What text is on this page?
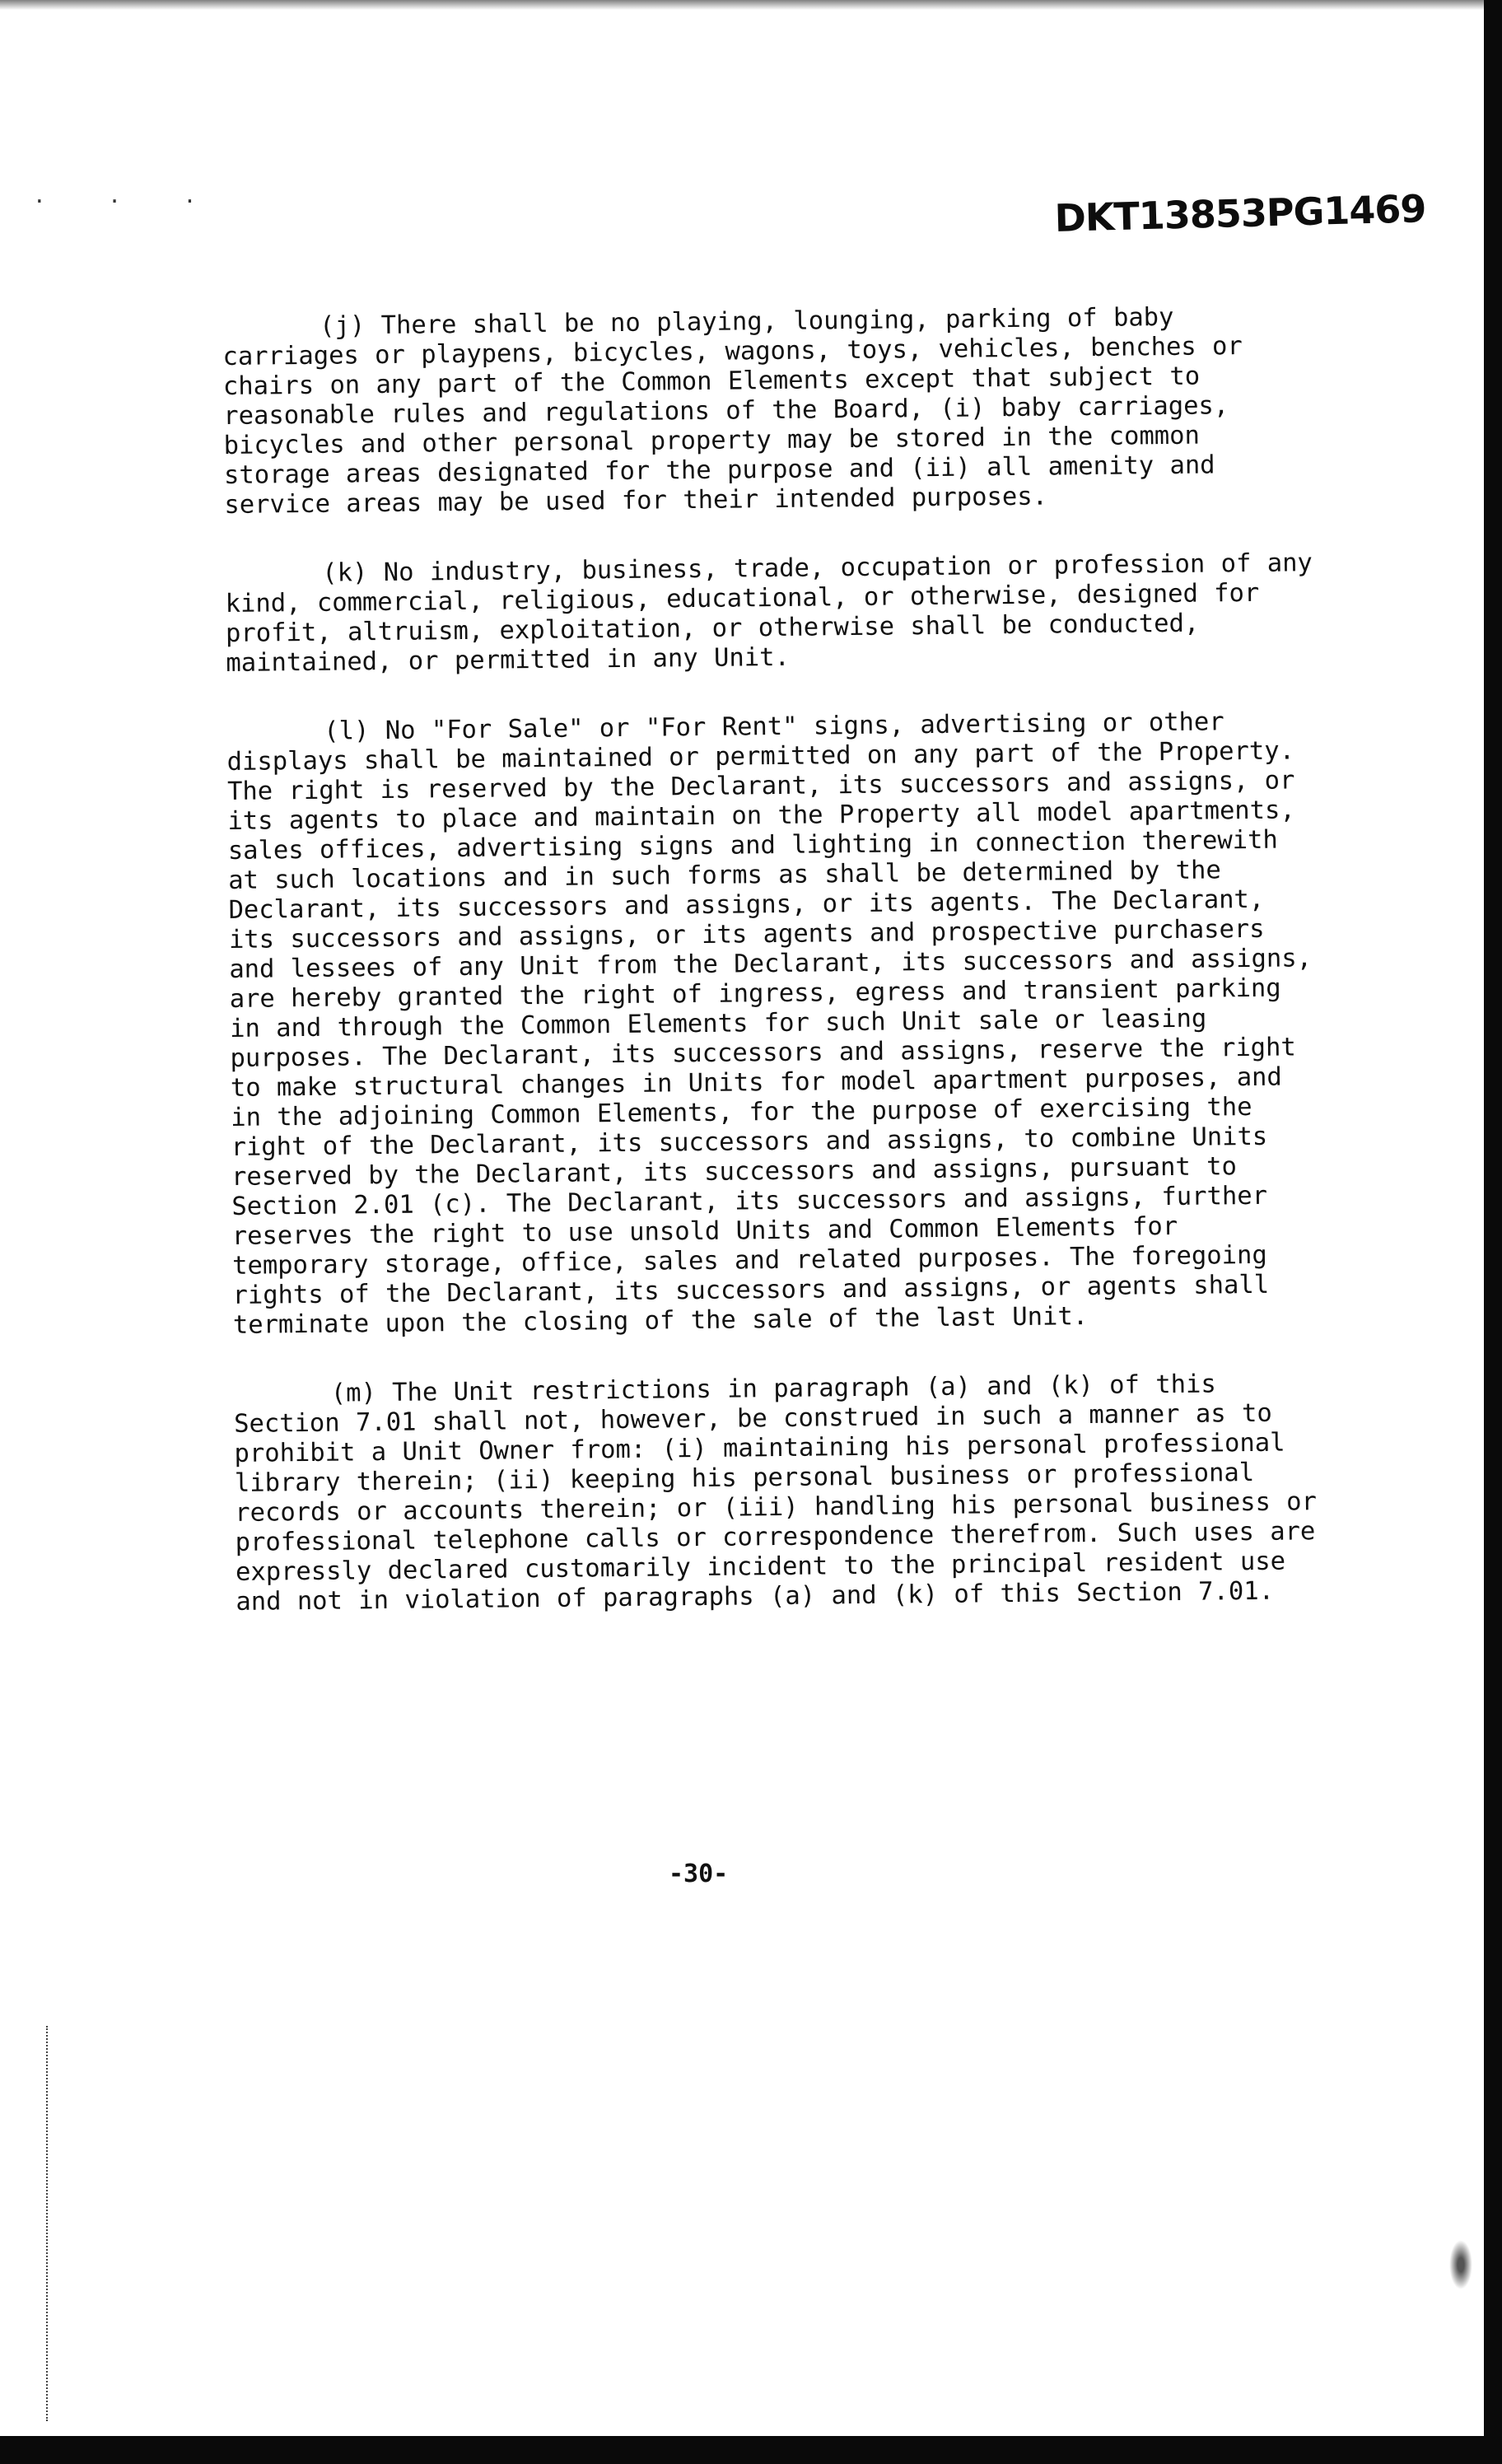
· · ·	DKT13853PG1469

(j) There shall be no playing, lounging, parking of baby carriages or playpens, bicycles, wagons, toys, vehicles, benches or chairs on any part of the Common Elements except that subject to reasonable rules and regulations of the Board, (i) baby carriages, bicycles and other personal property may be stored in the common storage areas designated for the purpose and (ii) all amenity and service areas may be used for their intended purposes.

(k) No industry, business, trade, occupation or profession of any kind, commercial, religious, educational, or otherwise, designed for profit, altruism, exploitation, or otherwise shall be conducted, maintained, or permitted in any Unit.

(l) No "For Sale" or "For Rent" signs, advertising or other displays shall be maintained or permitted on any part of the Property. The right is reserved by the Declarant, its successors and assigns, or its agents to place and maintain on the Property all model apartments, sales offices, advertising signs and lighting in connection therewith at such locations and in such forms as shall be determined by the Declarant, its successors and assigns, or its agents. The Declarant, its successors and assigns, or its agents and prospective purchasers and lessees of any Unit from the Declarant, its successors and assigns, are hereby granted the right of ingress, egress and transient parking in and through the Common Elements for such Unit sale or leasing purposes. The Declarant, its successors and assigns, reserve the right to make structural changes in Units for model apartment purposes, and in the adjoining Common Elements, for the purpose of exercising the right of the Declarant, its successors and assigns, to combine Units reserved by the Declarant, its successors and assigns, pursuant to Section 2.01 (c). The Declarant, its successors and assigns, further reserves the right to use unsold Units and Common Elements for temporary storage, office, sales and related purposes. The foregoing rights of the Declarant, its successors and assigns, or agents shall terminate upon the closing of the sale of the last Unit.

(m) The Unit restrictions in paragraph (a) and (k) of this Section 7.01 shall not, however, be construed in such a manner as to prohibit a Unit Owner from: (i) maintaining his personal professional library therein; (ii) keeping his personal business or professional records or accounts therein; or (iii) handling his personal business or professional telephone calls or correspondence therefrom. Such uses are expressly declared customarily incident to the principal resident use and not in violation of paragraphs (a) and (k) of this Section 7.01.

-30-
